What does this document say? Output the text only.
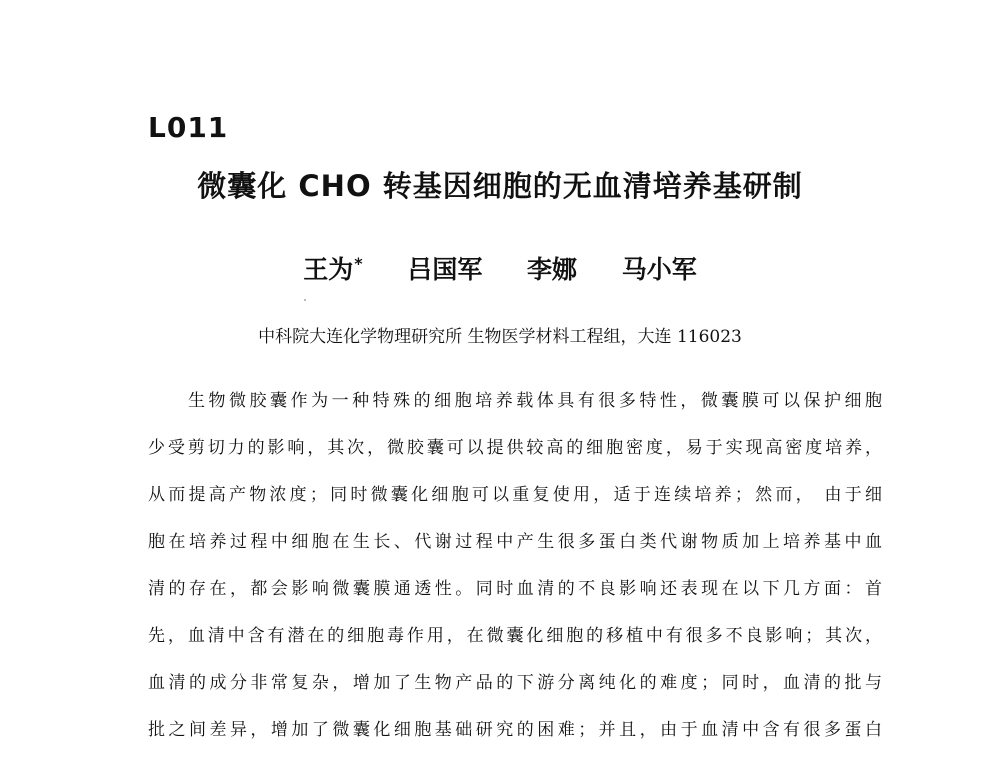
L011
微囊化 CHO 转基因细胞的无血清培养基研制
王为* 吕国军 李娜 马小军
中科院大连化学物理研究所 生物医学材料工程组，大连 116023
生物微胶囊作为一种特殊的细胞培养载体具有很多特性，微囊膜可以保护细胞
少受剪切力的影响，其次，微胶囊可以提供较高的细胞密度，易于实现高密度培养，
从而提高产物浓度；同时微囊化细胞可以重复使用，适于连续培养；然而， 由于细
胞在培养过程中细胞在生长、代谢过程中产生很多蛋白类代谢物质加上培养基中血
清的存在，都会影响微囊膜通透性。同时血清的不良影响还表现在以下几方面：首
先，血清中含有潜在的细胞毒作用，在微囊化细胞的移植中有很多不良影响；其次，
血清的成分非常复杂，增加了生物产品的下游分离纯化的难度；同时，血清的批与
批之间差异，增加了微囊化细胞基础研究的困难；并且，由于血清中含有很多蛋白
